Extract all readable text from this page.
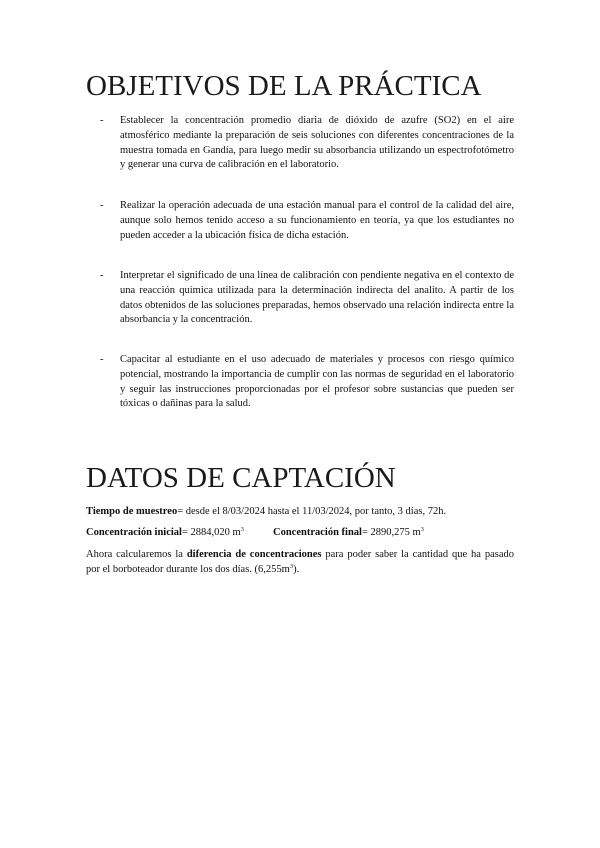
OBJETIVOS DE LA PRÁCTICA
- Establecer la concentración promedio diaria de dióxido de azufre (SO2) en el aire atmosférico mediante la preparación de seis soluciones con diferentes concentraciones de la muestra tomada en Gandía, para luego medir su absorbancia utilizando un espectrofotómetro y generar una curva de calibración en el laboratorio.
- Realizar la operación adecuada de una estación manual para el control de la calidad del aire, aunque solo hemos tenido acceso a su funcionamiento en teoría, ya que los estudiantes no pueden acceder a la ubicación física de dicha estación.
- Interpretar el significado de una línea de calibración con pendiente negativa en el contexto de una reacción química utilizada para la determinación indirecta del analito. A partir de los datos obtenidos de las soluciones preparadas, hemos observado una relación indirecta entre la absorbancia y la concentración.
- Capacitar al estudiante en el uso adecuado de materiales y procesos con riesgo químico potencial, mostrando la importancia de cumplir con las normas de seguridad en el laboratorio y seguir las instrucciones proporcionadas por el profesor sobre sustancias que pueden ser tóxicas o dañinas para la salud.
DATOS DE CAPTACIÓN
Tiempo de muestreo= desde el 8/03/2024 hasta el 11/03/2024, por tanto, 3 días, 72h.
Concentración inicial= 2884,020 $m^3$	Concentración final= 2890,275 $m^3$

Ahora calcularemos la diferencia de concentraciones para poder saber la cantidad que ha pasado por el borboteador durante los dos días. $(6,255m^3)$.
